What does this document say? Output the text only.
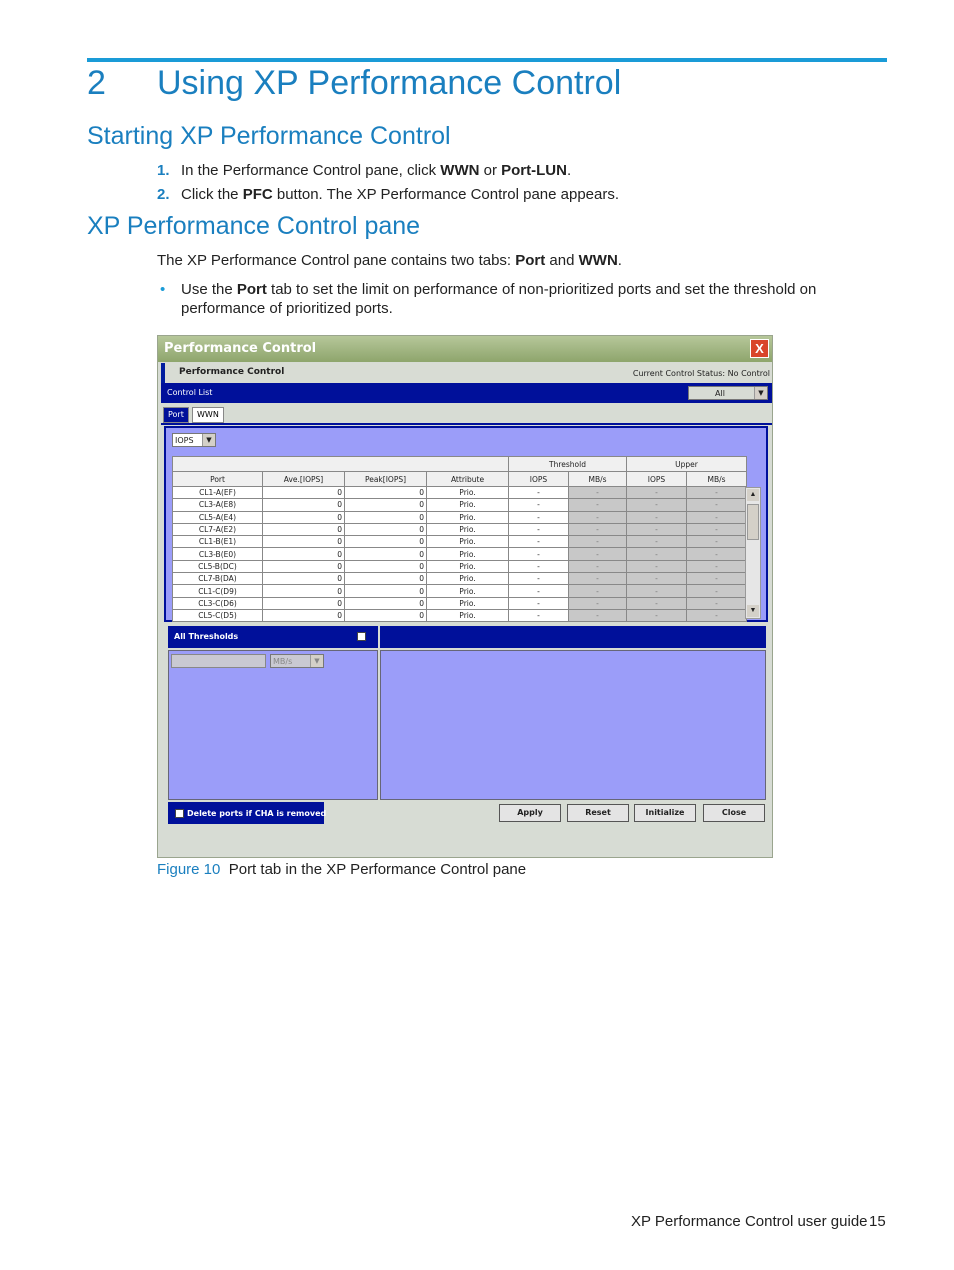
2 Using XP Performance Control
Starting XP Performance Control
1. In the Performance Control pane, click WWN or Port-LUN.
2. Click the PFC button. The XP Performance Control pane appears.
XP Performance Control pane
The XP Performance Control pane contains two tabs: Port and WWN.
• Use the Port tab to set the limit on performance of non-prioritized ports and set the threshold on
performance of prioritized ports.
Performance Control	X
Performance Control	Current Control Status: No Control
Control List	All	▼
Port	WWN
IOPS	▼
				Threshold		Upper	
Port	Ave.[IOPS]	Peak[IOPS]	Attribute	IOPS	MB/s	IOPS	MB/s
CL1-A(EF)	0	0	Prio.	-	-	-	-
CL3-A(E8)	0	0	Prio.	-	-	-	-
CL5-A(E4)	0	0	Prio.	-	-	-	-
CL7-A(E2)	0	0	Prio.	-	-	-	-
CL1-B(E1)	0	0	Prio.	-	-	-	-
CL3-B(E0)	0	0	Prio.	-	-	-	-
CL5-B(DC)	0	0	Prio.	-	-	-	-
CL7-B(DA)	0	0	Prio.	-	-	-	-
CL1-C(D9)	0	0	Prio.	-	-	-	-
CL3-C(D6)	0	0	Prio.	-	-	-	-
CL5-C(D5)	0	0	Prio.	-	-	-	-
▲
▼
All Thresholds
MB/s	▼
Delete ports if CHA is removed	Apply	Reset	Initialize	Close
Figure 10 Port tab in the XP Performance Control pane
XP Performance Control user guide 15
